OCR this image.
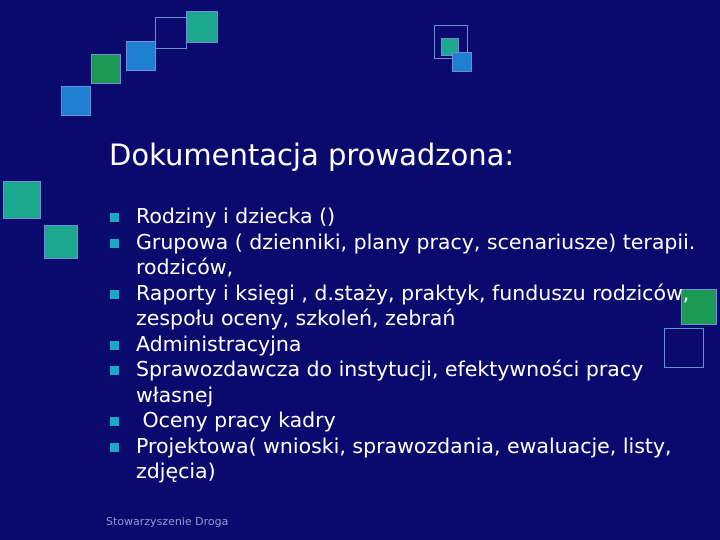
Dokumentacja prowadzona:
Rodziny i dziecka ()
Grupowa ( dzienniki, plany pracy, scenariusze) terapii. rodziców,
Raporty i księgi , d.staży, praktyk, funduszu rodziców, zespołu oceny, szkoleń, zebrań
Administracyjna
Sprawozdawcza do instytucji, efektywności pracy własnej
Oceny pracy kadry
Projektowa( wnioski, sprawozdania, ewaluacje, listy, zdjęcia)
Stowarzyszenie Droga
